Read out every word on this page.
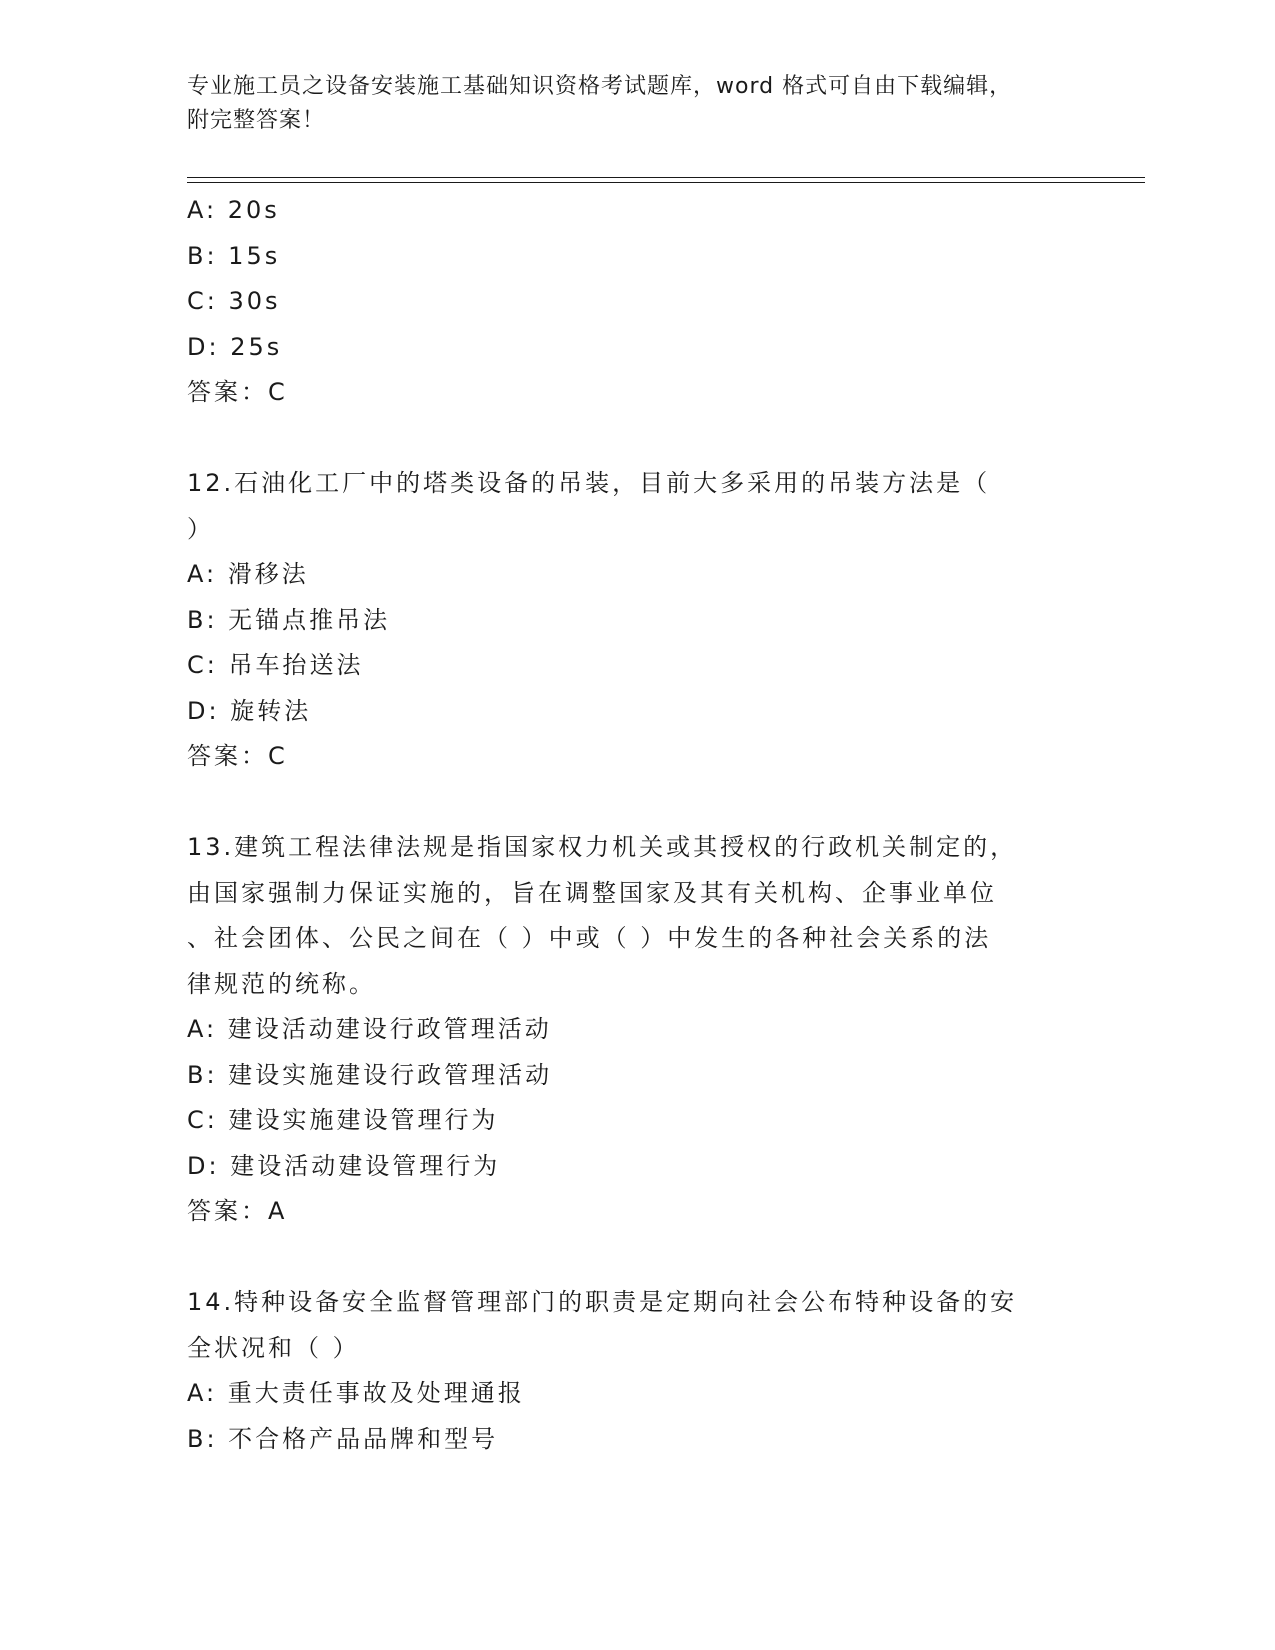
专业施工员之设备安装施工基础知识资格考试题库，word 格式可自由下载编辑，
附完整答案！
A: 20s
B: 15s
C: 30s
D: 25s
答案：C
12.石油化工厂中的塔类设备的吊装，目前大多采用的吊装方法是（
）
A: 滑移法
B: 无锚点推吊法
C: 吊车抬送法
D: 旋转法
答案：C
13.建筑工程法律法规是指国家权力机关或其授权的行政机关制定的，
由国家强制力保证实施的，旨在调整国家及其有关机构、企事业单位
、社会团体、公民之间在（ ）中或（ ）中发生的各种社会关系的法
律规范的统称。
A: 建设活动建设行政管理活动
B: 建设实施建设行政管理活动
C: 建设实施建设管理行为
D: 建设活动建设管理行为
答案：A
14.特种设备安全监督管理部门的职责是定期向社会公布特种设备的安
全状况和（ ）
A: 重大责任事故及处理通报
B: 不合格产品品牌和型号
